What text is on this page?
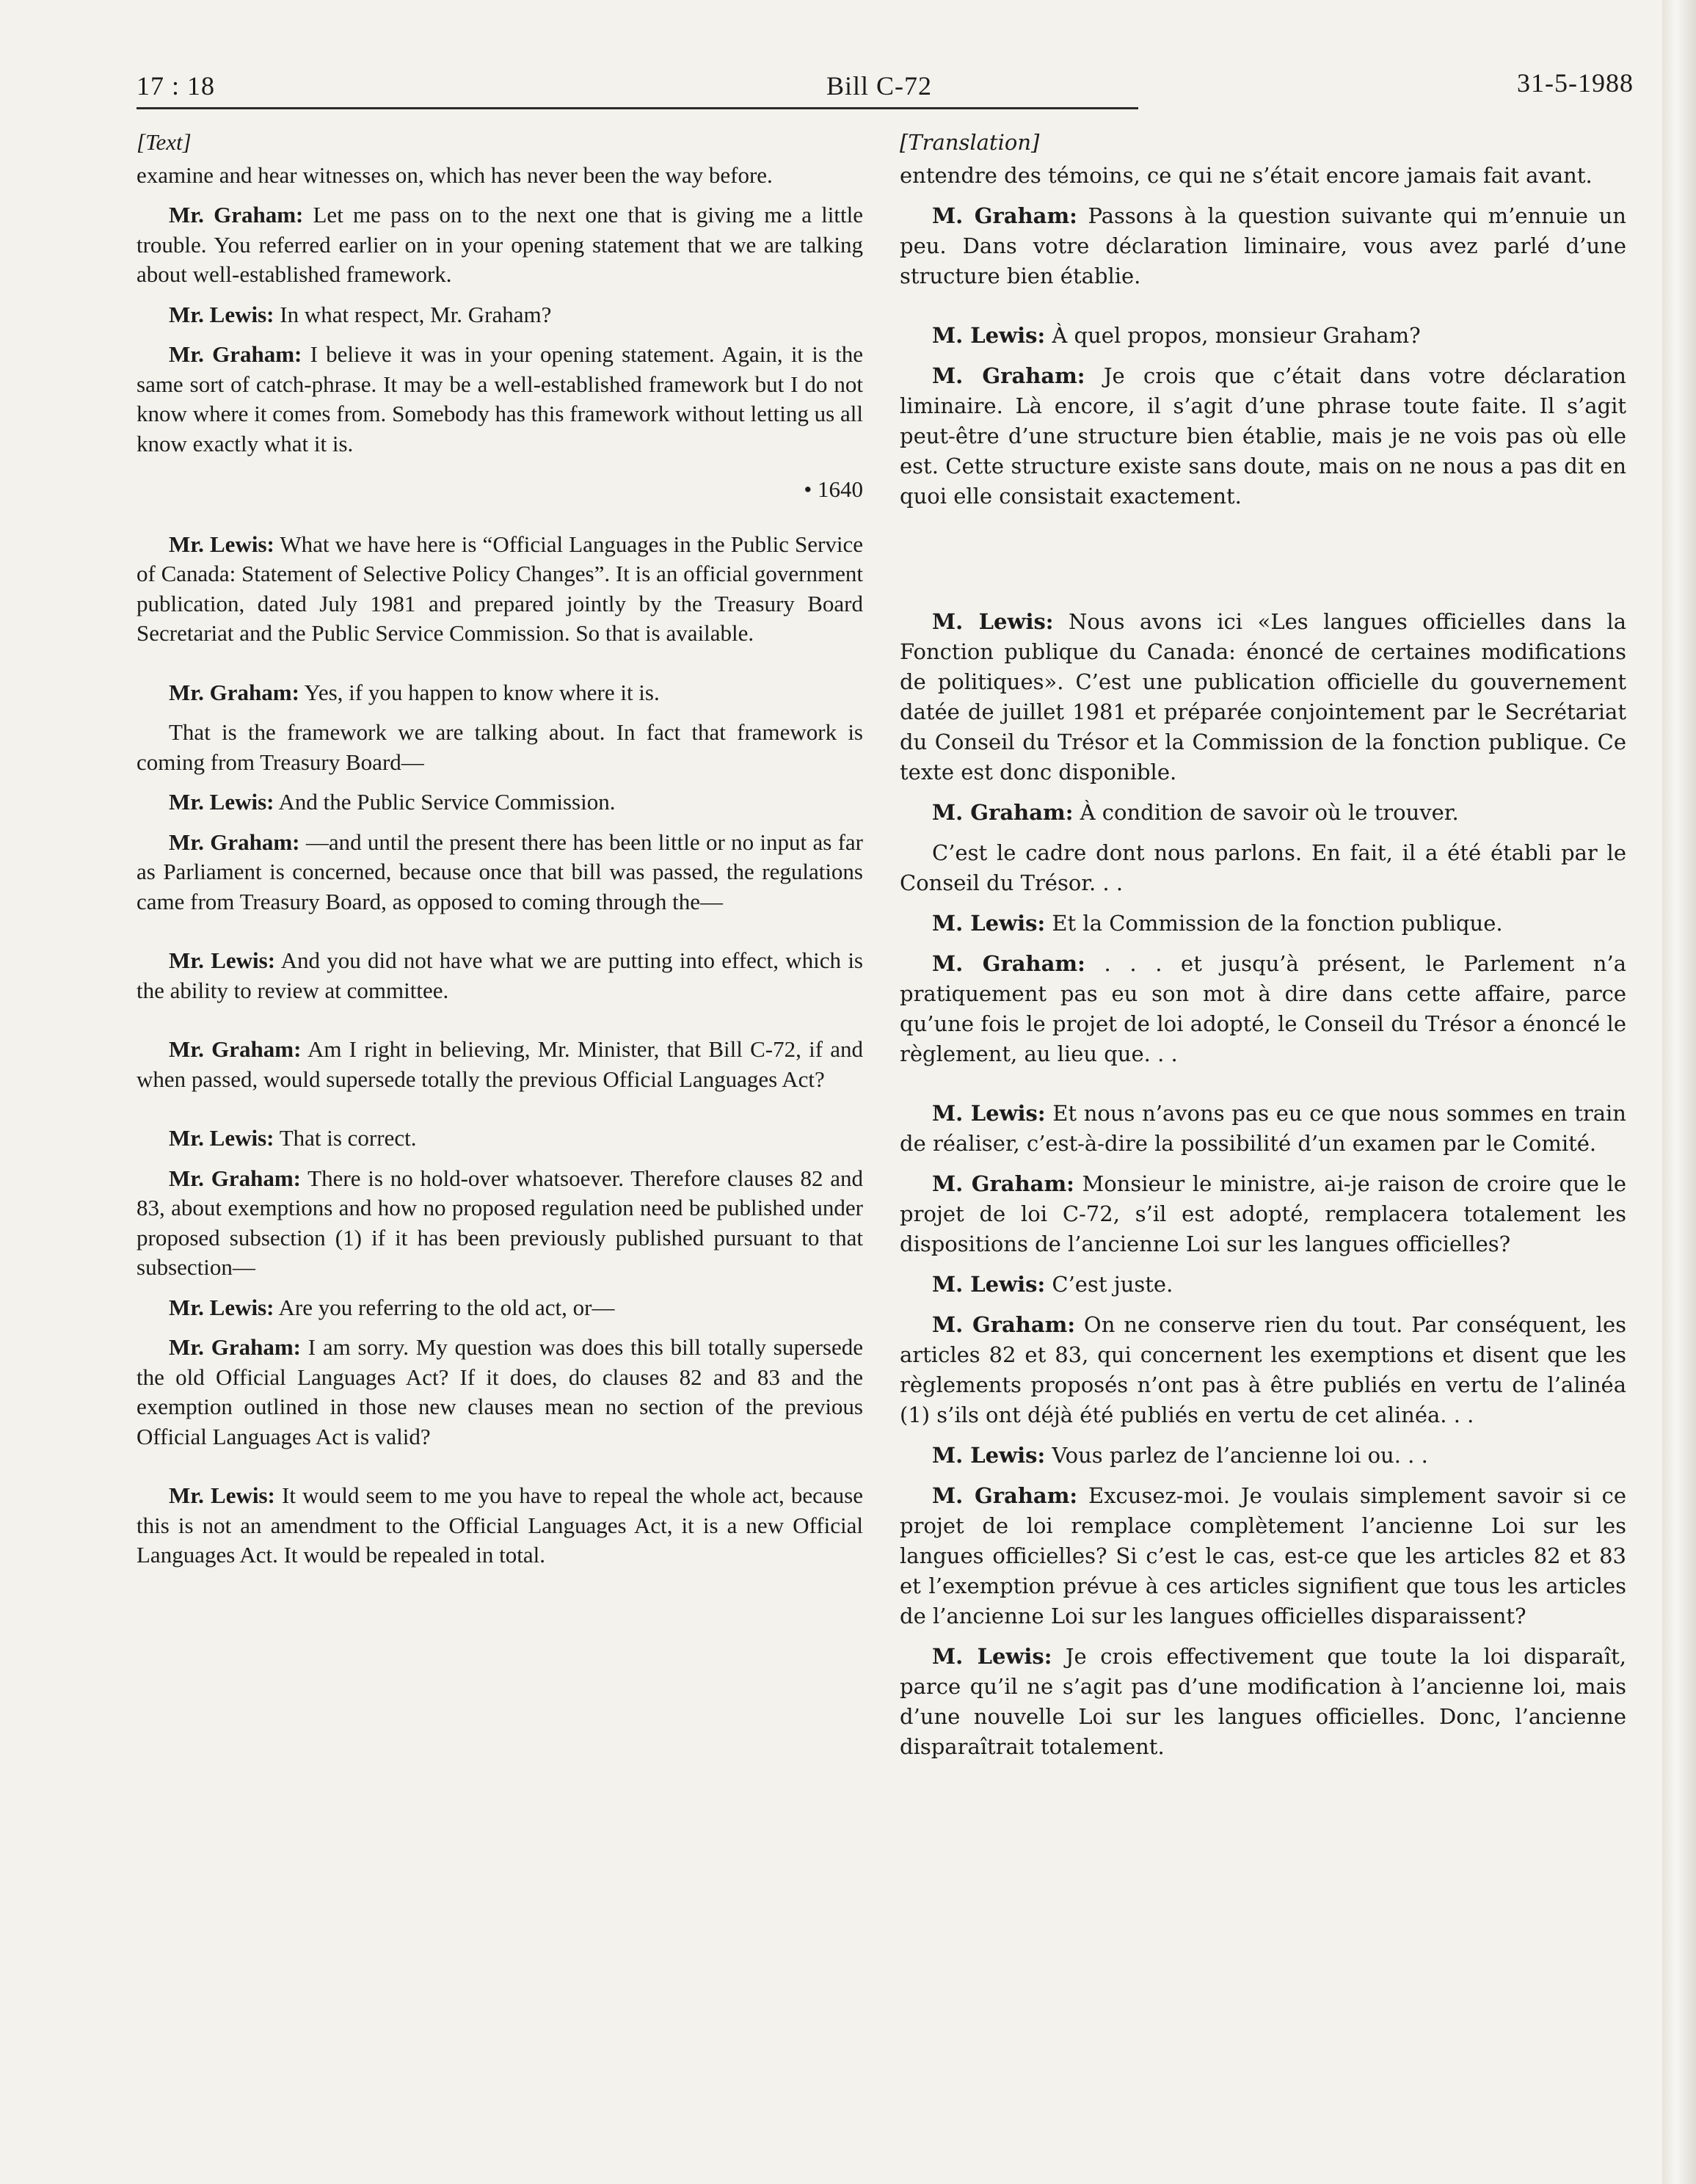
17 : 18	Bill C-72	31-5-1988
[Text]

examine and hear witnesses on, which has never been the way before.

Mr. Graham: Let me pass on to the next one that is giving me a little trouble. You referred earlier on in your opening statement that we are talking about well-established framework.

Mr. Lewis: In what respect, Mr. Graham?

Mr. Graham: I believe it was in your opening statement. Again, it is the same sort of catch-phrase. It may be a well-established framework but I do not know where it comes from. Somebody has this framework without letting us all know exactly what it is.

• 1640

Mr. Lewis: What we have here is “Official Languages in the Public Service of Canada: Statement of Selective Policy Changes”. It is an official government publication, dated July 1981 and prepared jointly by the Treasury Board Secretariat and the Public Service Commission. So that is available.

Mr. Graham: Yes, if you happen to know where it is.

That is the framework we are talking about. In fact that framework is coming from Treasury Board—

Mr. Lewis: And the Public Service Commission.

Mr. Graham: —and until the present there has been little or no input as far as Parliament is concerned, because once that bill was passed, the regulations came from Treasury Board, as opposed to coming through the—

Mr. Lewis: And you did not have what we are putting into effect, which is the ability to review at committee.

Mr. Graham: Am I right in believing, Mr. Minister, that Bill C-72, if and when passed, would supersede totally the previous Official Languages Act?

Mr. Lewis: That is correct.

Mr. Graham: There is no hold-over whatsoever. Therefore clauses 82 and 83, about exemptions and how no proposed regulation need be published under proposed subsection (1) if it has been previously published pursuant to that subsection—

Mr. Lewis: Are you referring to the old act, or—

Mr. Graham: I am sorry. My question was does this bill totally supersede the old Official Languages Act? If it does, do clauses 82 and 83 and the exemption outlined in those new clauses mean no section of the previous Official Languages Act is valid?

Mr. Lewis: It would seem to me you have to repeal the whole act, because this is not an amendment to the Official Languages Act, it is a new Official Languages Act. It would be repealed in total.

[Translation]

entendre des témoins, ce qui ne s’était encore jamais fait avant.

M. Graham: Passons à la question suivante qui m’ennuie un peu. Dans votre déclaration liminaire, vous avez parlé d’une structure bien établie.

M. Lewis: À quel propos, monsieur Graham?

M. Graham: Je crois que c’était dans votre déclaration liminaire. Là encore, il s’agit d’une phrase toute faite. Il s’agit peut-être d’une structure bien établie, mais je ne vois pas où elle est. Cette structure existe sans doute, mais on ne nous a pas dit en quoi elle consistait exactement.

M. Lewis: Nous avons ici «Les langues officielles dans la Fonction publique du Canada: énoncé de certaines modifications de politiques». C’est une publication officielle du gouvernement datée de juillet 1981 et préparée conjointement par le Secrétariat du Conseil du Trésor et la Commission de la fonction publique. Ce texte est donc disponible.

M. Graham: À condition de savoir où le trouver.

C’est le cadre dont nous parlons. En fait, il a été établi par le Conseil du Trésor. . .

M. Lewis: Et la Commission de la fonction publique.

M. Graham: . . . et jusqu’à présent, le Parlement n’a pratiquement pas eu son mot à dire dans cette affaire, parce qu’une fois le projet de loi adopté, le Conseil du Trésor a énoncé le règlement, au lieu que. . .

M. Lewis: Et nous n’avons pas eu ce que nous sommes en train de réaliser, c’est-à-dire la possibilité d’un examen par le Comité.

M. Graham: Monsieur le ministre, ai-je raison de croire que le projet de loi C-72, s’il est adopté, remplacera totalement les dispositions de l’ancienne Loi sur les langues officielles?

M. Lewis: C’est juste.

M. Graham: On ne conserve rien du tout. Par conséquent, les articles 82 et 83, qui concernent les exemptions et disent que les règlements proposés n’ont pas à être publiés en vertu de l’alinéa (1) s’ils ont déjà été publiés en vertu de cet alinéa. . .

M. Lewis: Vous parlez de l’ancienne loi ou. . .

M. Graham: Excusez-moi. Je voulais simplement savoir si ce projet de loi remplace complètement l’ancienne Loi sur les langues officielles? Si c’est le cas, est-ce que les articles 82 et 83 et l’exemption prévue à ces articles signifient que tous les articles de l’ancienne Loi sur les langues officielles disparaissent?

M. Lewis: Je crois effectivement que toute la loi disparaît, parce qu’il ne s’agit pas d’une modification à l’ancienne loi, mais d’une nouvelle Loi sur les langues officielles. Donc, l’ancienne disparaîtrait totalement.
